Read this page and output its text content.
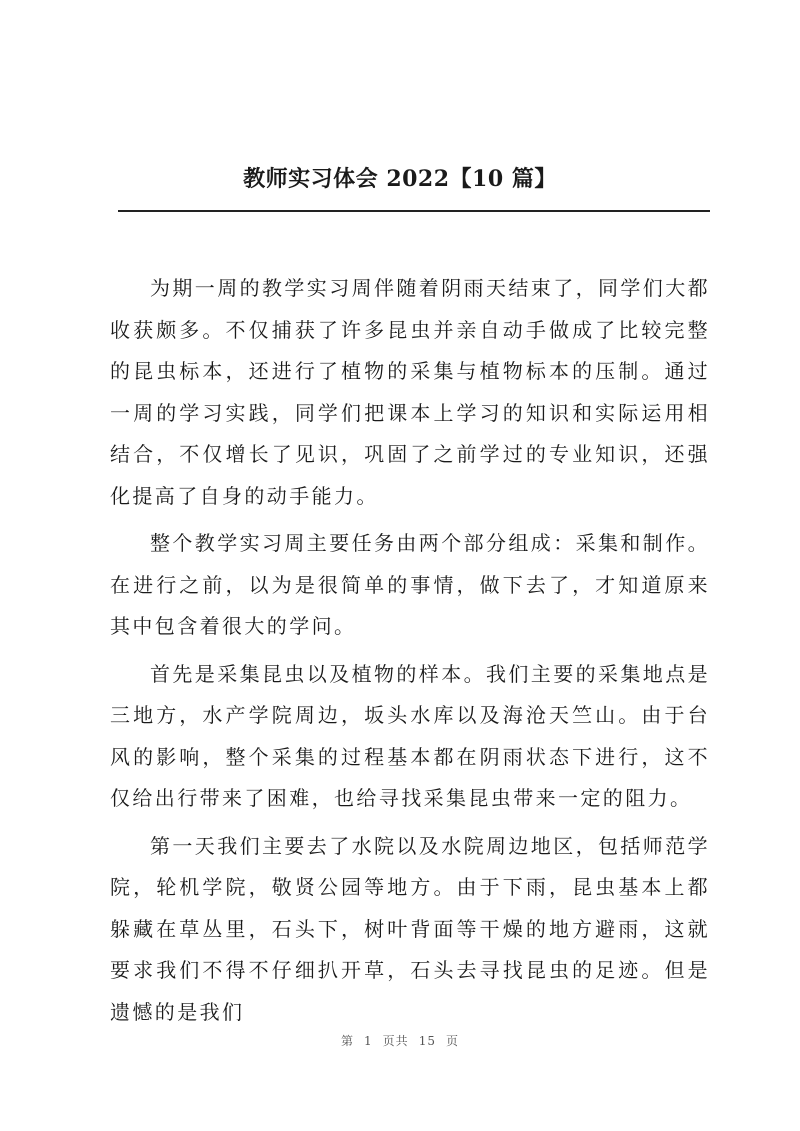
教师实习体会 2022【10 篇】

为期一周的教学实习周伴随着阴雨天结束了，同学们大都收获颇多。不仅捕获了许多昆虫并亲自动手做成了比较完整的昆虫标本，还进行了植物的采集与植物标本的压制。通过一周的学习实践，同学们把课本上学习的知识和实际运用相结合，不仅增长了见识，巩固了之前学过的专业知识，还强化提高了自身的动手能力。

整个教学实习周主要任务由两个部分组成：采集和制作。在进行之前，以为是很简单的事情，做下去了，才知道原来其中包含着很大的学问。

首先是采集昆虫以及植物的样本。我们主要的采集地点是三地方，水产学院周边，坂头水库以及海沧天竺山。由于台风的影响，整个采集的过程基本都在阴雨状态下进行，这不仅给出行带来了困难，也给寻找采集昆虫带来一定的阻力。

第一天我们主要去了水院以及水院周边地区，包括师范学院，轮机学院，敬贤公园等地方。由于下雨，昆虫基本上都躲藏在草丛里，石头下，树叶背面等干燥的地方避雨，这就要求我们不得不仔细扒开草，石头去寻找昆虫的足迹。但是遗憾的是我们

第 1 页共 15 页
